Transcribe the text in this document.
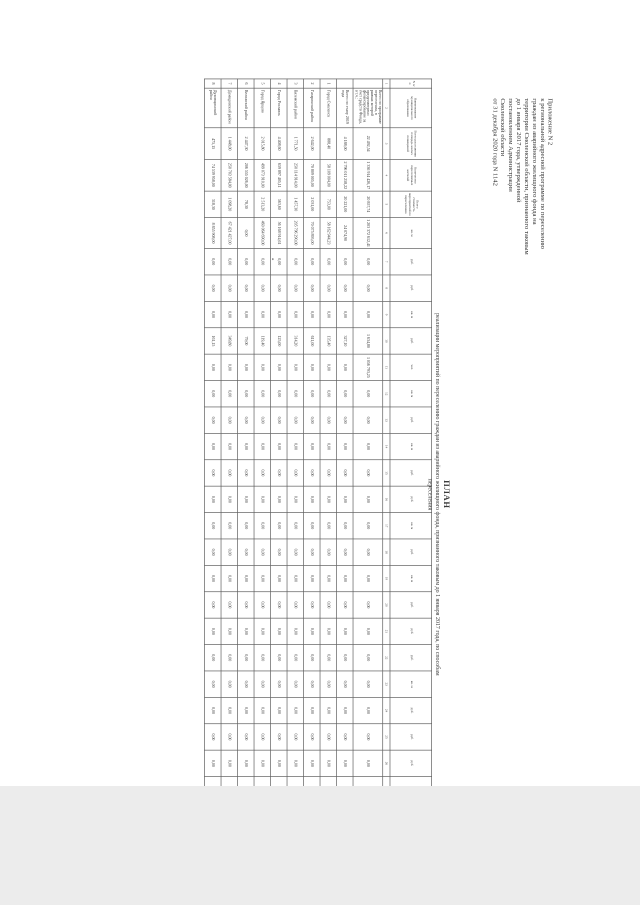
Приложение N 2

к региональной адресной программе по переселению

граждан из аварийного жилищного фонда на

территории Смоленской области, признанного таковым

до 1 января 2017 года, утвержденной

постановлением Администрации

Смоленской области

от 31 декабря 2020 года N 1142

ПЛАН
реализации мероприятий по переселению граждан из аварийного жилищного фонда, признанного таковым до 1 января 2017 года, по способам переселения
N п/п	Наименование муниципального образования	Всего расселяемая площадь жилых помещений	Количество переселяемых жителей	Всего стоимость мероприятий по переселению	кв. м	руб.	руб.	кв. м	руб.	чел.	кв. м	руб.	кв. м	руб.	руб.	кв. м	руб.	кв. м	руб.	руб.	руб.	кв. м	руб.	руб.	руб.	
1	2	3	4	5	6	7	8	9	10	11	12	13	14	15	16	17	18	19	20	21	22	23	24	25	26	
	Всего по программе переселения, в рамках которой предусмотрено финансирование за счет средств Фонда, в т.ч.:	22 492,54	1 336 914 426,17	20 857,74	1 203 372 612,41	0,00	0,00	0,00	1 634,80	1 056 793,25	0,00	0,00	0,00	0,00	0,00	0,00	0,00	0,00	0,00	0,00	0,00	0,00	0,00	0,00	0,00	
	Всего по этапу 2019 года	4 188,00	2 796 011 258,22	20 221,00	24 074,90	0,00	0,00	0,00	327,10	0,00	0,00	0,00	0,00	0,00	0,00	0,00	0,00	0,00	0,00	0,00	0,00	0,00	0,00	0,00	0,00	
1	Город Смоленск	888,40	58 109 004,00	753,00	58 162 944,23	0,00	0,00	0,00	135,40	0,00	0,00	0,00	0,00	0,00	0,00	0,00	0,00	0,00	0,00	0,00	0,00	0,00	0,00	0,00	0,00	
2	Гагаринский район	2 642,00	70 809 005,00	2 031,00	70 075 895,00	0,00	0,00	0,00	611,00	0,00	0,00	0,00	0,00	0,00	0,00	0,00	0,00	0,00	0,00	0,00	0,00	0,00	0,00	0,00	0,00	
3	Вяземский район	1 771,50	250 114 914,00	1 457,30	205 796 290,00	0,00	0,00	0,00	314,20	0,00	0,00	0,00	0,00	0,00	0,00	0,00	0,00	0,00	0,00	0,00	0,00	0,00	0,00	0,00	0,00	
4	Город Рославль	4 408,60	659 897 405,11	563,60	56 168 914,61	0,00	0,00	0,00	125,00	0,00	0,00	0,00	0,00	0,00	0,00	0,00	0,00	0,00	0,00	0,00	0,00	0,00	0,00	0,00	0,00	
5	Город Ярцево	2 015,80	499 073 910,00	2 513,20	460 064 690,00	0,00	0,00	0,00	119,40	0,00	0,00	0,00	0,00	0,00	0,00	0,00	0,00	0,00	0,00	0,00	0,00	0,00	0,00	0,00	0,00	
6	Велижский район	2 447,30	206 555 026,00	78,30	0,00	0,00	0,00	0,00	79,00	0,00	0,00	0,00	0,00	0,00	0,00	0,00	0,00	0,00	0,00	0,00	0,00	0,00	0,00	0,00	0,00	
7	Демидовский район	1 448,00	250 703 584,00	1 098,20	67 421 427,00	0,00	0,00	0,00	349,80	0,00	0,00	0,00	0,00	0,00	0,00	0,00	0,00	0,00	0,00	0,00	0,00	0,00	0,00	0,00	0,00	
8	Духовщинский район	475,15	74 539 958,00	318,30	8 855 908,00	0,00	0,00	0,00	161,15	0,00	0,00	0,00	0,00	0,00	0,00	0,00	0,00	0,00	0,00	0,00	0,00	0,00	0,00	0,00	0,00	
